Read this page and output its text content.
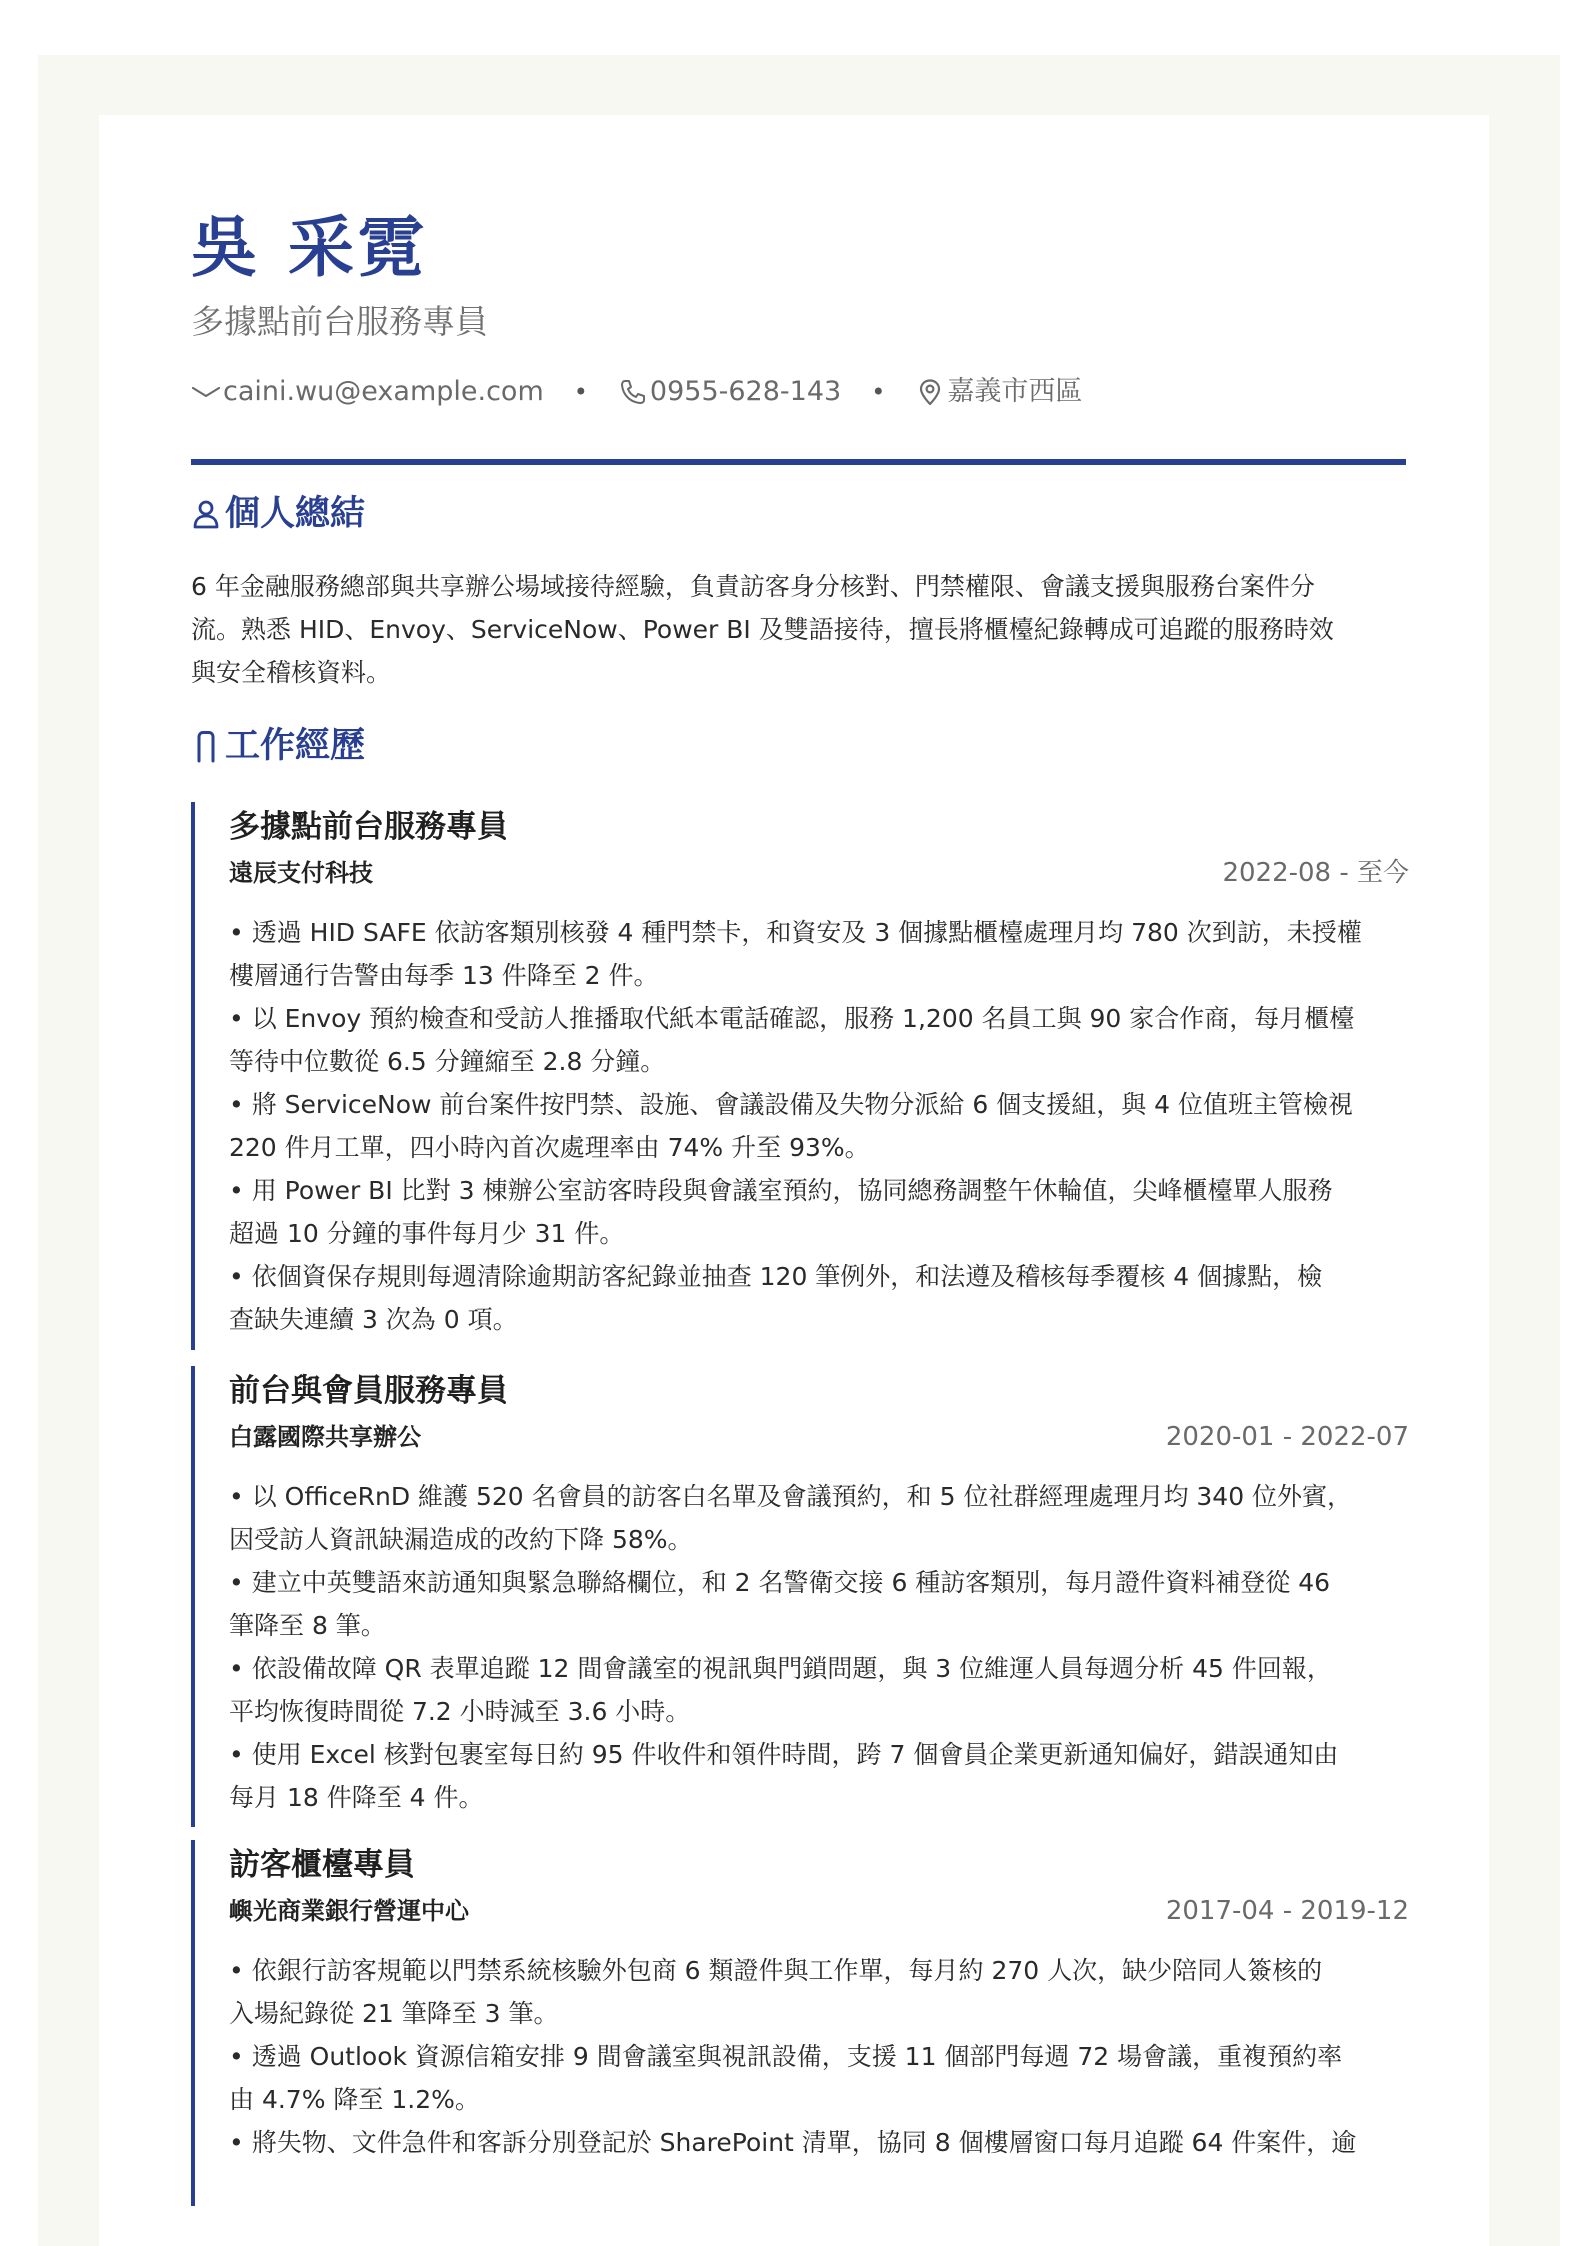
吳 采霓
多據點前台服務專員
caini.wu@example.com • 0955-628-143 • 嘉義市西區
個人總結
6 年金融服務總部與共享辦公場域接待經驗，負責訪客身分核對、門禁權限、會議支援與服務台案件分
流。熟悉 HID、Envoy、ServiceNow、Power BI 及雙語接待，擅長將櫃檯紀錄轉成可追蹤的服務時效
與安全稽核資料。
工作經歷
多據點前台服務專員
遠辰支付科技	2022-08 - 至今
• 透過 HID SAFE 依訪客類別核發 4 種門禁卡，和資安及 3 個據點櫃檯處理月均 780 次到訪，未授權
樓層通行告警由每季 13 件降至 2 件。
• 以 Envoy 預約檢查和受訪人推播取代紙本電話確認，服務 1,200 名員工與 90 家合作商，每月櫃檯
等待中位數從 6.5 分鐘縮至 2.8 分鐘。
• 將 ServiceNow 前台案件按門禁、設施、會議設備及失物分派給 6 個支援組，與 4 位值班主管檢視
220 件月工單，四小時內首次處理率由 74% 升至 93%。
• 用 Power BI 比對 3 棟辦公室訪客時段與會議室預約，協同總務調整午休輪值，尖峰櫃檯單人服務
超過 10 分鐘的事件每月少 31 件。
• 依個資保存規則每週清除逾期訪客紀錄並抽查 120 筆例外，和法遵及稽核每季覆核 4 個據點，檢
查缺失連續 3 次為 0 項。
前台與會員服務專員
白露國際共享辦公	2020-01 - 2022-07
• 以 OfficeRnD 維護 520 名會員的訪客白名單及會議預約，和 5 位社群經理處理月均 340 位外賓，
因受訪人資訊缺漏造成的改約下降 58%。
• 建立中英雙語來訪通知與緊急聯絡欄位，和 2 名警衛交接 6 種訪客類別，每月證件資料補登從 46
筆降至 8 筆。
• 依設備故障 QR 表單追蹤 12 間會議室的視訊與門鎖問題，與 3 位維運人員每週分析 45 件回報，
平均恢復時間從 7.2 小時減至 3.6 小時。
• 使用 Excel 核對包裹室每日約 95 件收件和領件時間，跨 7 個會員企業更新通知偏好，錯誤通知由
每月 18 件降至 4 件。
訪客櫃檯專員
嶼光商業銀行營運中心	2017-04 - 2019-12
• 依銀行訪客規範以門禁系統核驗外包商 6 類證件與工作單，每月約 270 人次，缺少陪同人簽核的
入場紀錄從 21 筆降至 3 筆。
• 透過 Outlook 資源信箱安排 9 間會議室與視訊設備，支援 11 個部門每週 72 場會議，重複預約率
由 4.7% 降至 1.2%。
• 將失物、文件急件和客訴分別登記於 SharePoint 清單，協同 8 個樓層窗口每月追蹤 64 件案件，逾
